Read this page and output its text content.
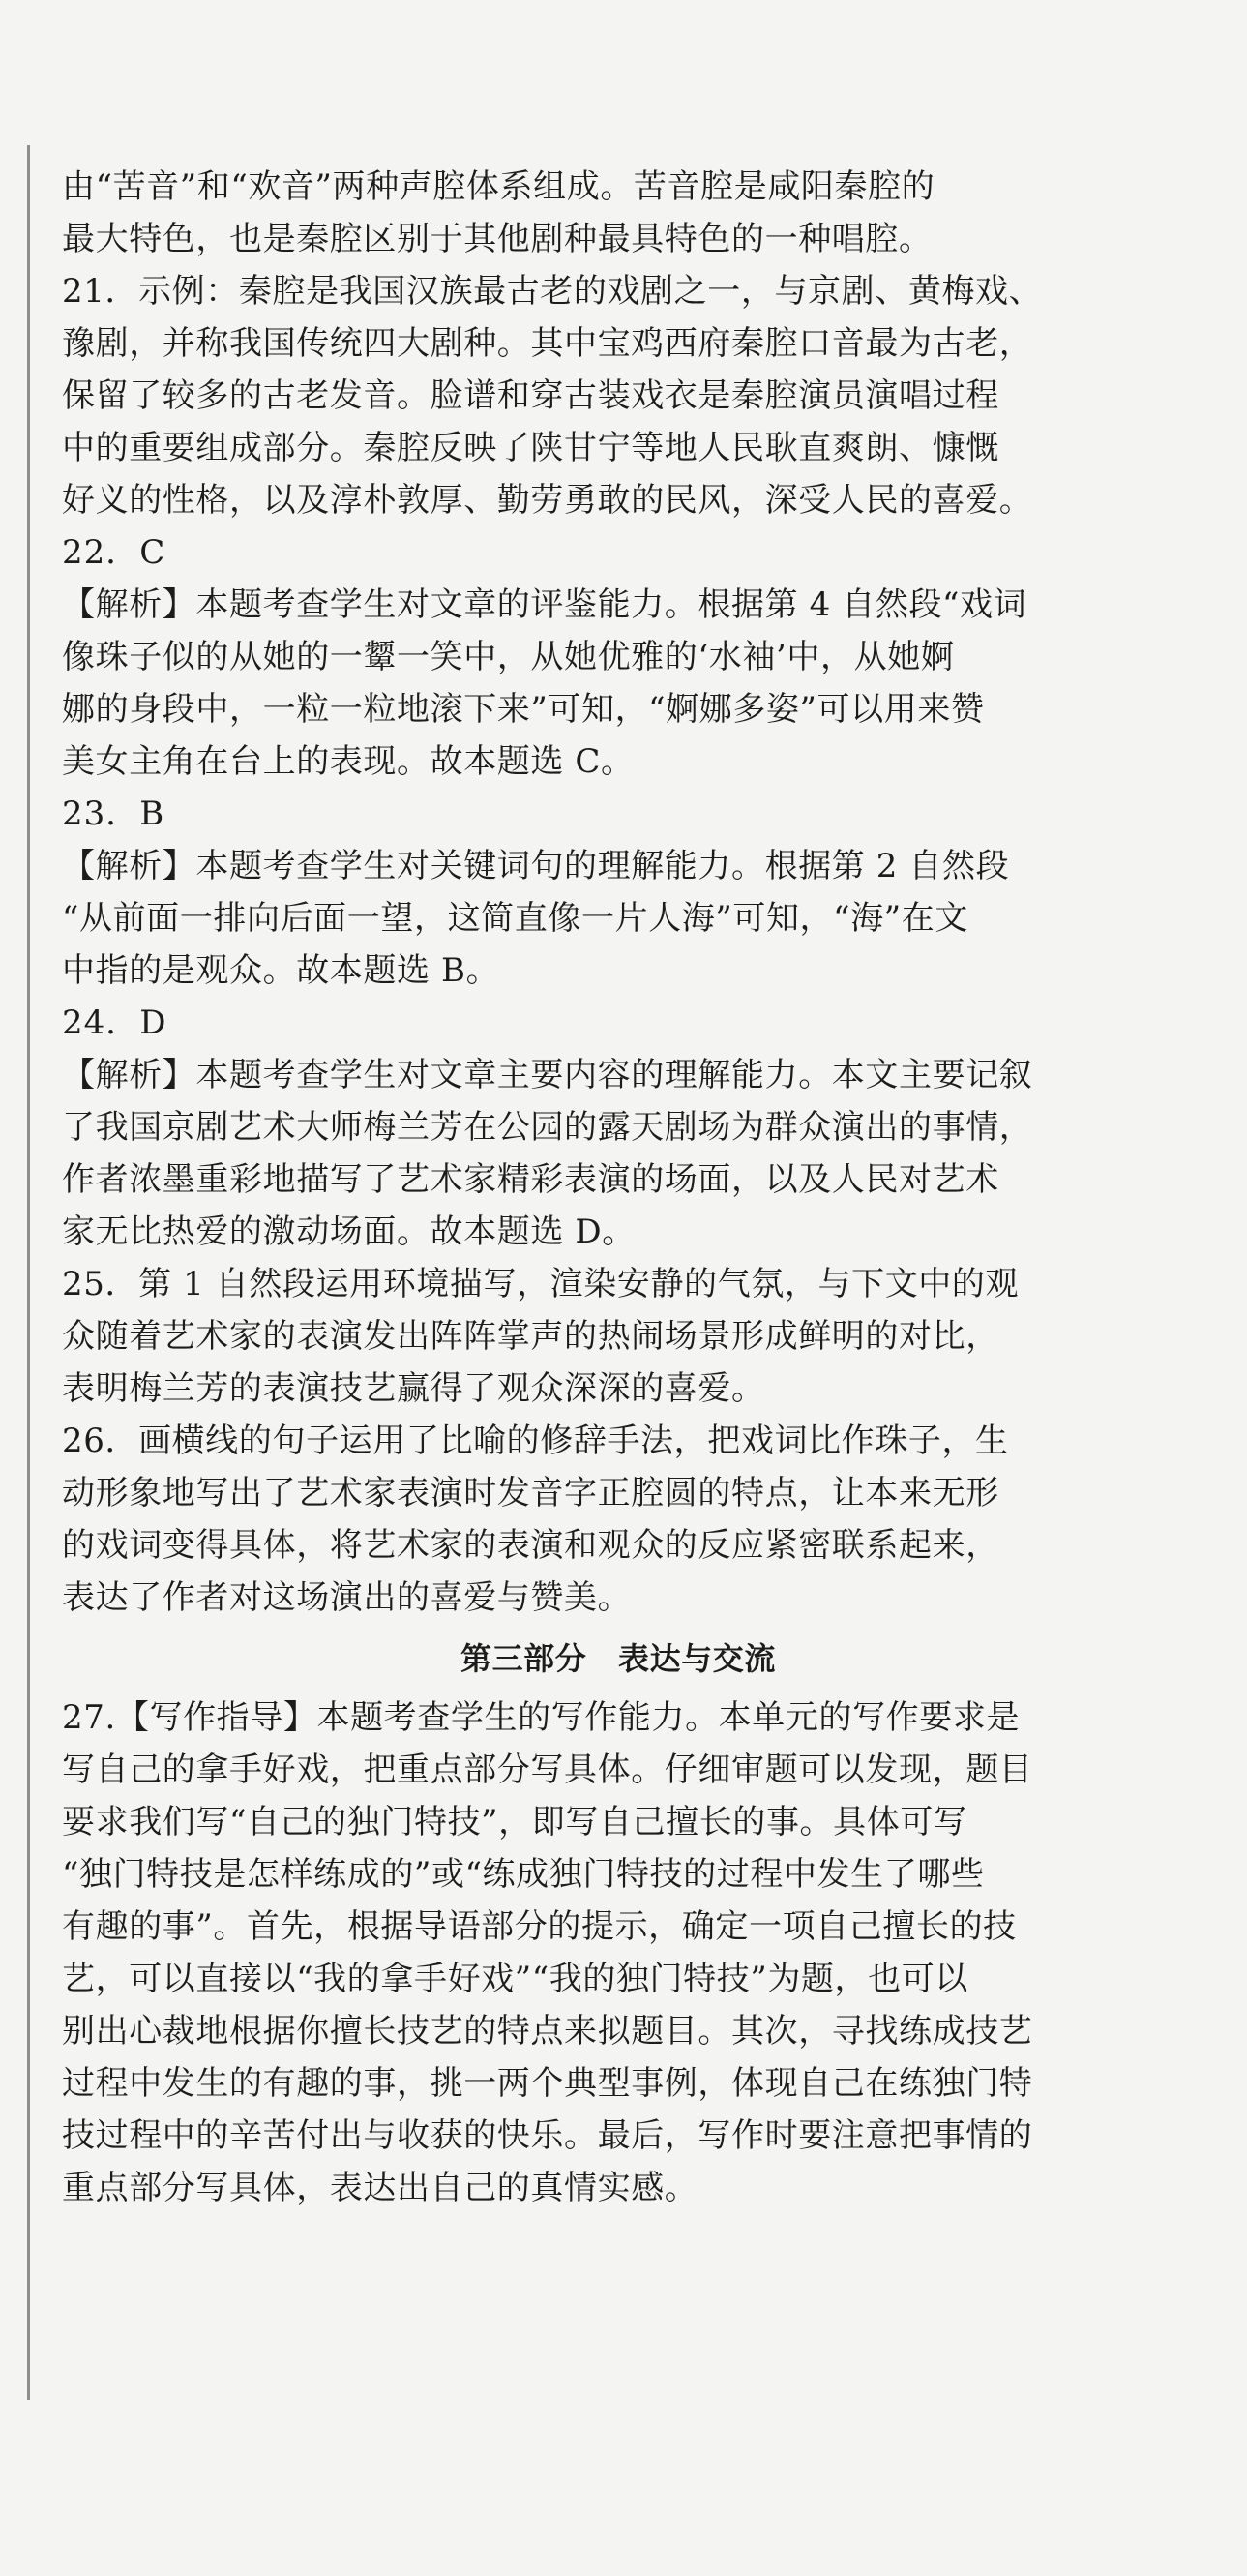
由“苦音”和“欢音”两种声腔体系组成。苦音腔是咸阳秦腔的
最大特色，也是秦腔区别于其他剧种最具特色的一种唱腔。
21．示例：秦腔是我国汉族最古老的戏剧之一，与京剧、黄梅戏、
豫剧，并称我国传统四大剧种。其中宝鸡西府秦腔口音最为古老，
保留了较多的古老发音。脸谱和穿古装戏衣是秦腔演员演唱过程
中的重要组成部分。秦腔反映了陕甘宁等地人民耿直爽朗、慷慨
好义的性格，以及淳朴敦厚、勤劳勇敢的民风，深受人民的喜爱。
22．C
【解析】本题考查学生对文章的评鉴能力。根据第 4 自然段“戏词
像珠子似的从她的一颦一笑中，从她优雅的‘水袖’中，从她婀
娜的身段中，一粒一粒地滚下来”可知，“婀娜多姿”可以用来赞
美女主角在台上的表现。故本题选 C。
23．B
【解析】本题考查学生对关键词句的理解能力。根据第 2 自然段
“从前面一排向后面一望，这简直像一片人海”可知，“海”在文
中指的是观众。故本题选 B。
24．D
【解析】本题考查学生对文章主要内容的理解能力。本文主要记叙
了我国京剧艺术大师梅兰芳在公园的露天剧场为群众演出的事情，
作者浓墨重彩地描写了艺术家精彩表演的场面，以及人民对艺术
家无比热爱的激动场面。故本题选 D。
25．第 1 自然段运用环境描写，渲染安静的气氛，与下文中的观
众随着艺术家的表演发出阵阵掌声的热闹场景形成鲜明的对比，
表明梅兰芳的表演技艺赢得了观众深深的喜爱。
26．画横线的句子运用了比喻的修辞手法，把戏词比作珠子，生
动形象地写出了艺术家表演时发音字正腔圆的特点，让本来无形
的戏词变得具体，将艺术家的表演和观众的反应紧密联系起来，
表达了作者对这场演出的喜爱与赞美。
第三部分　表达与交流
27.【写作指导】本题考查学生的写作能力。本单元的写作要求是
写自己的拿手好戏，把重点部分写具体。仔细审题可以发现，题目
要求我们写“自己的独门特技”，即写自己擅长的事。具体可写
“独门特技是怎样练成的”或“练成独门特技的过程中发生了哪些
有趣的事”。首先，根据导语部分的提示，确定一项自己擅长的技
艺，可以直接以“我的拿手好戏”“我的独门特技”为题，也可以
别出心裁地根据你擅长技艺的特点来拟题目。其次，寻找练成技艺
过程中发生的有趣的事，挑一两个典型事例，体现自己在练独门特
技过程中的辛苦付出与收获的快乐。最后，写作时要注意把事情的
重点部分写具体，表达出自己的真情实感。
